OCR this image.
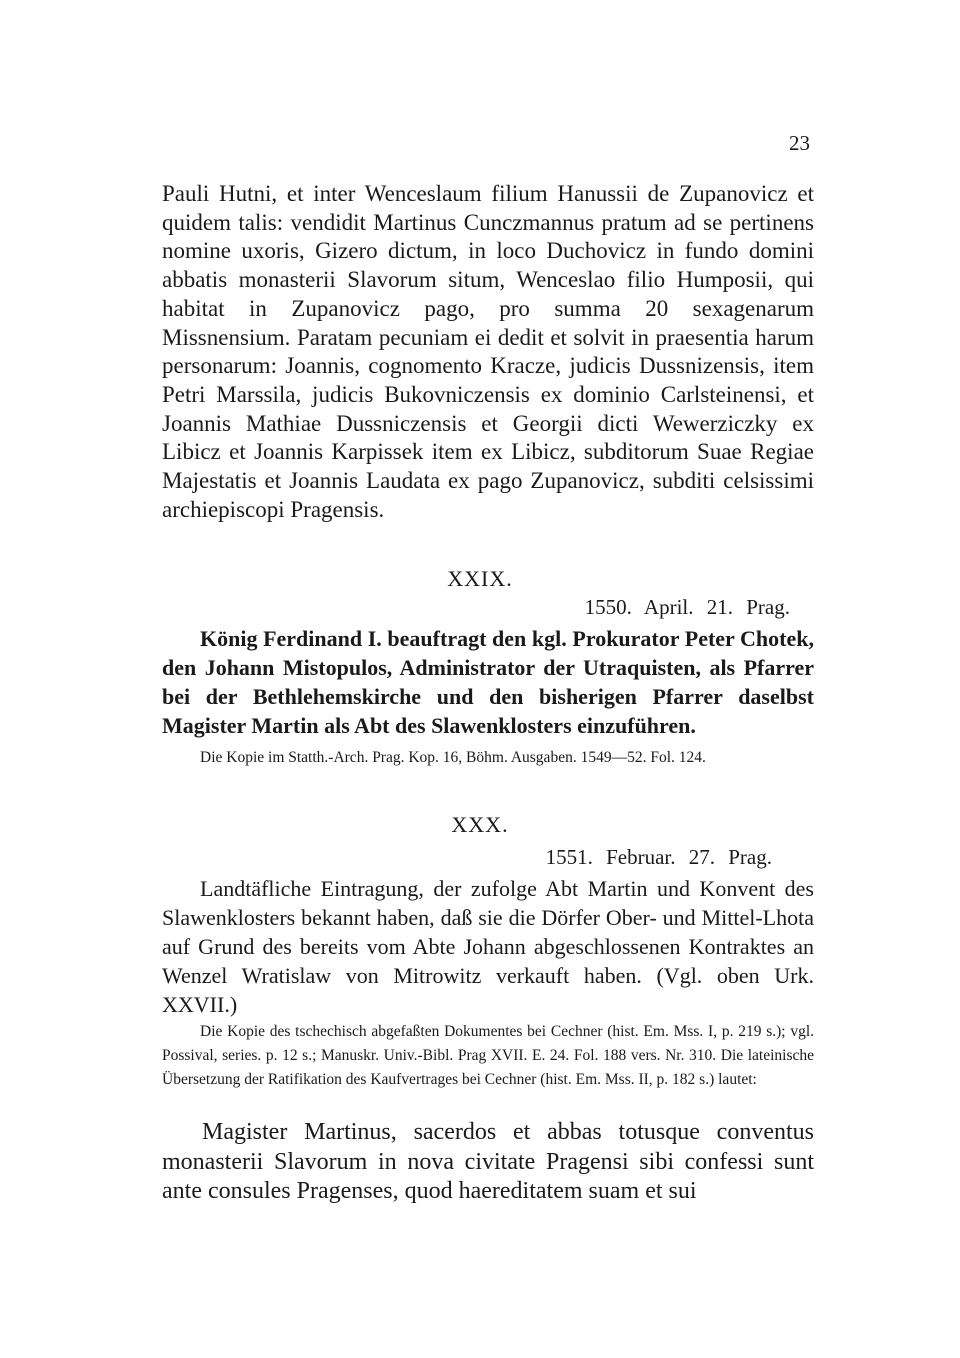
23

Pauli Hutni, et inter Wenceslaum filium Hanussii de Zupanovicz et quidem talis: vendidit Martinus Cunczmannus pratum ad se pertinens nomine uxoris, Gizero dictum, in loco Duchovicz in fundo domini abbatis monasterii Slavorum situm, Wenceslao filio Humposii, qui habitat in Zupanovicz pago, pro summa 20 sexagenarum Missnensium. Paratam pecuniam ei dedit et solvit in praesentia harum personarum: Joannis, cognomento Kracze, judicis Dussnizensis, item Petri Marssila, judicis Bukovniczensis ex dominio Carlsteinensi, et Joannis Mathiae Dussniczensis et Georgii dicti Wewerziczky ex Libicz et Joannis Karpissek item ex Libicz, subditorum Suae Regiae Majestatis et Joannis Laudata ex pago Zupanovicz, subditi celsissimi archiepiscopi Pragensis.

XXIX.
1550. April. 21. Prag.

König Ferdinand I. beauftragt den kgl. Prokurator Peter Chotek, den Johann Mistopulos, Administrator der Utraquisten, als Pfarrer bei der Bethlehemskirche und den bisherigen Pfarrer daselbst Magister Martin als Abt des Slawenklosters einzuführen.

Die Kopie im Statth.-Arch. Prag. Kop. 16, Böhm. Ausgaben. 1549—52. Fol. 124.

XXX.
1551. Februar. 27. Prag.

Landtäfliche Eintragung, der zufolge Abt Martin und Konvent des Slawenklosters bekannt haben, daß sie die Dörfer Ober- und Mittel-Lhota auf Grund des bereits vom Abte Johann abgeschlossenen Kontraktes an Wenzel Wratislaw von Mitrowitz verkauft haben. (Vgl. oben Urk. XXVII.)

Die Kopie des tschechisch abgefaßten Dokumentes bei Cechner (hist. Em. Mss. I, p. 219 s.); vgl. Possival, series. p. 12 s.; Manuskr. Univ.-Bibl. Prag XVII. E. 24. Fol. 188 vers. Nr. 310. Die lateinische Übersetzung der Ratifikation des Kaufvertrages bei Cechner (hist. Em. Mss. II, p. 182 s.) lautet:

Magister Martinus, sacerdos et abbas totusque conventus monasterii Slavorum in nova civitate Pragensi sibi confessi sunt ante consules Pragenses, quod haereditatem suam et sui
